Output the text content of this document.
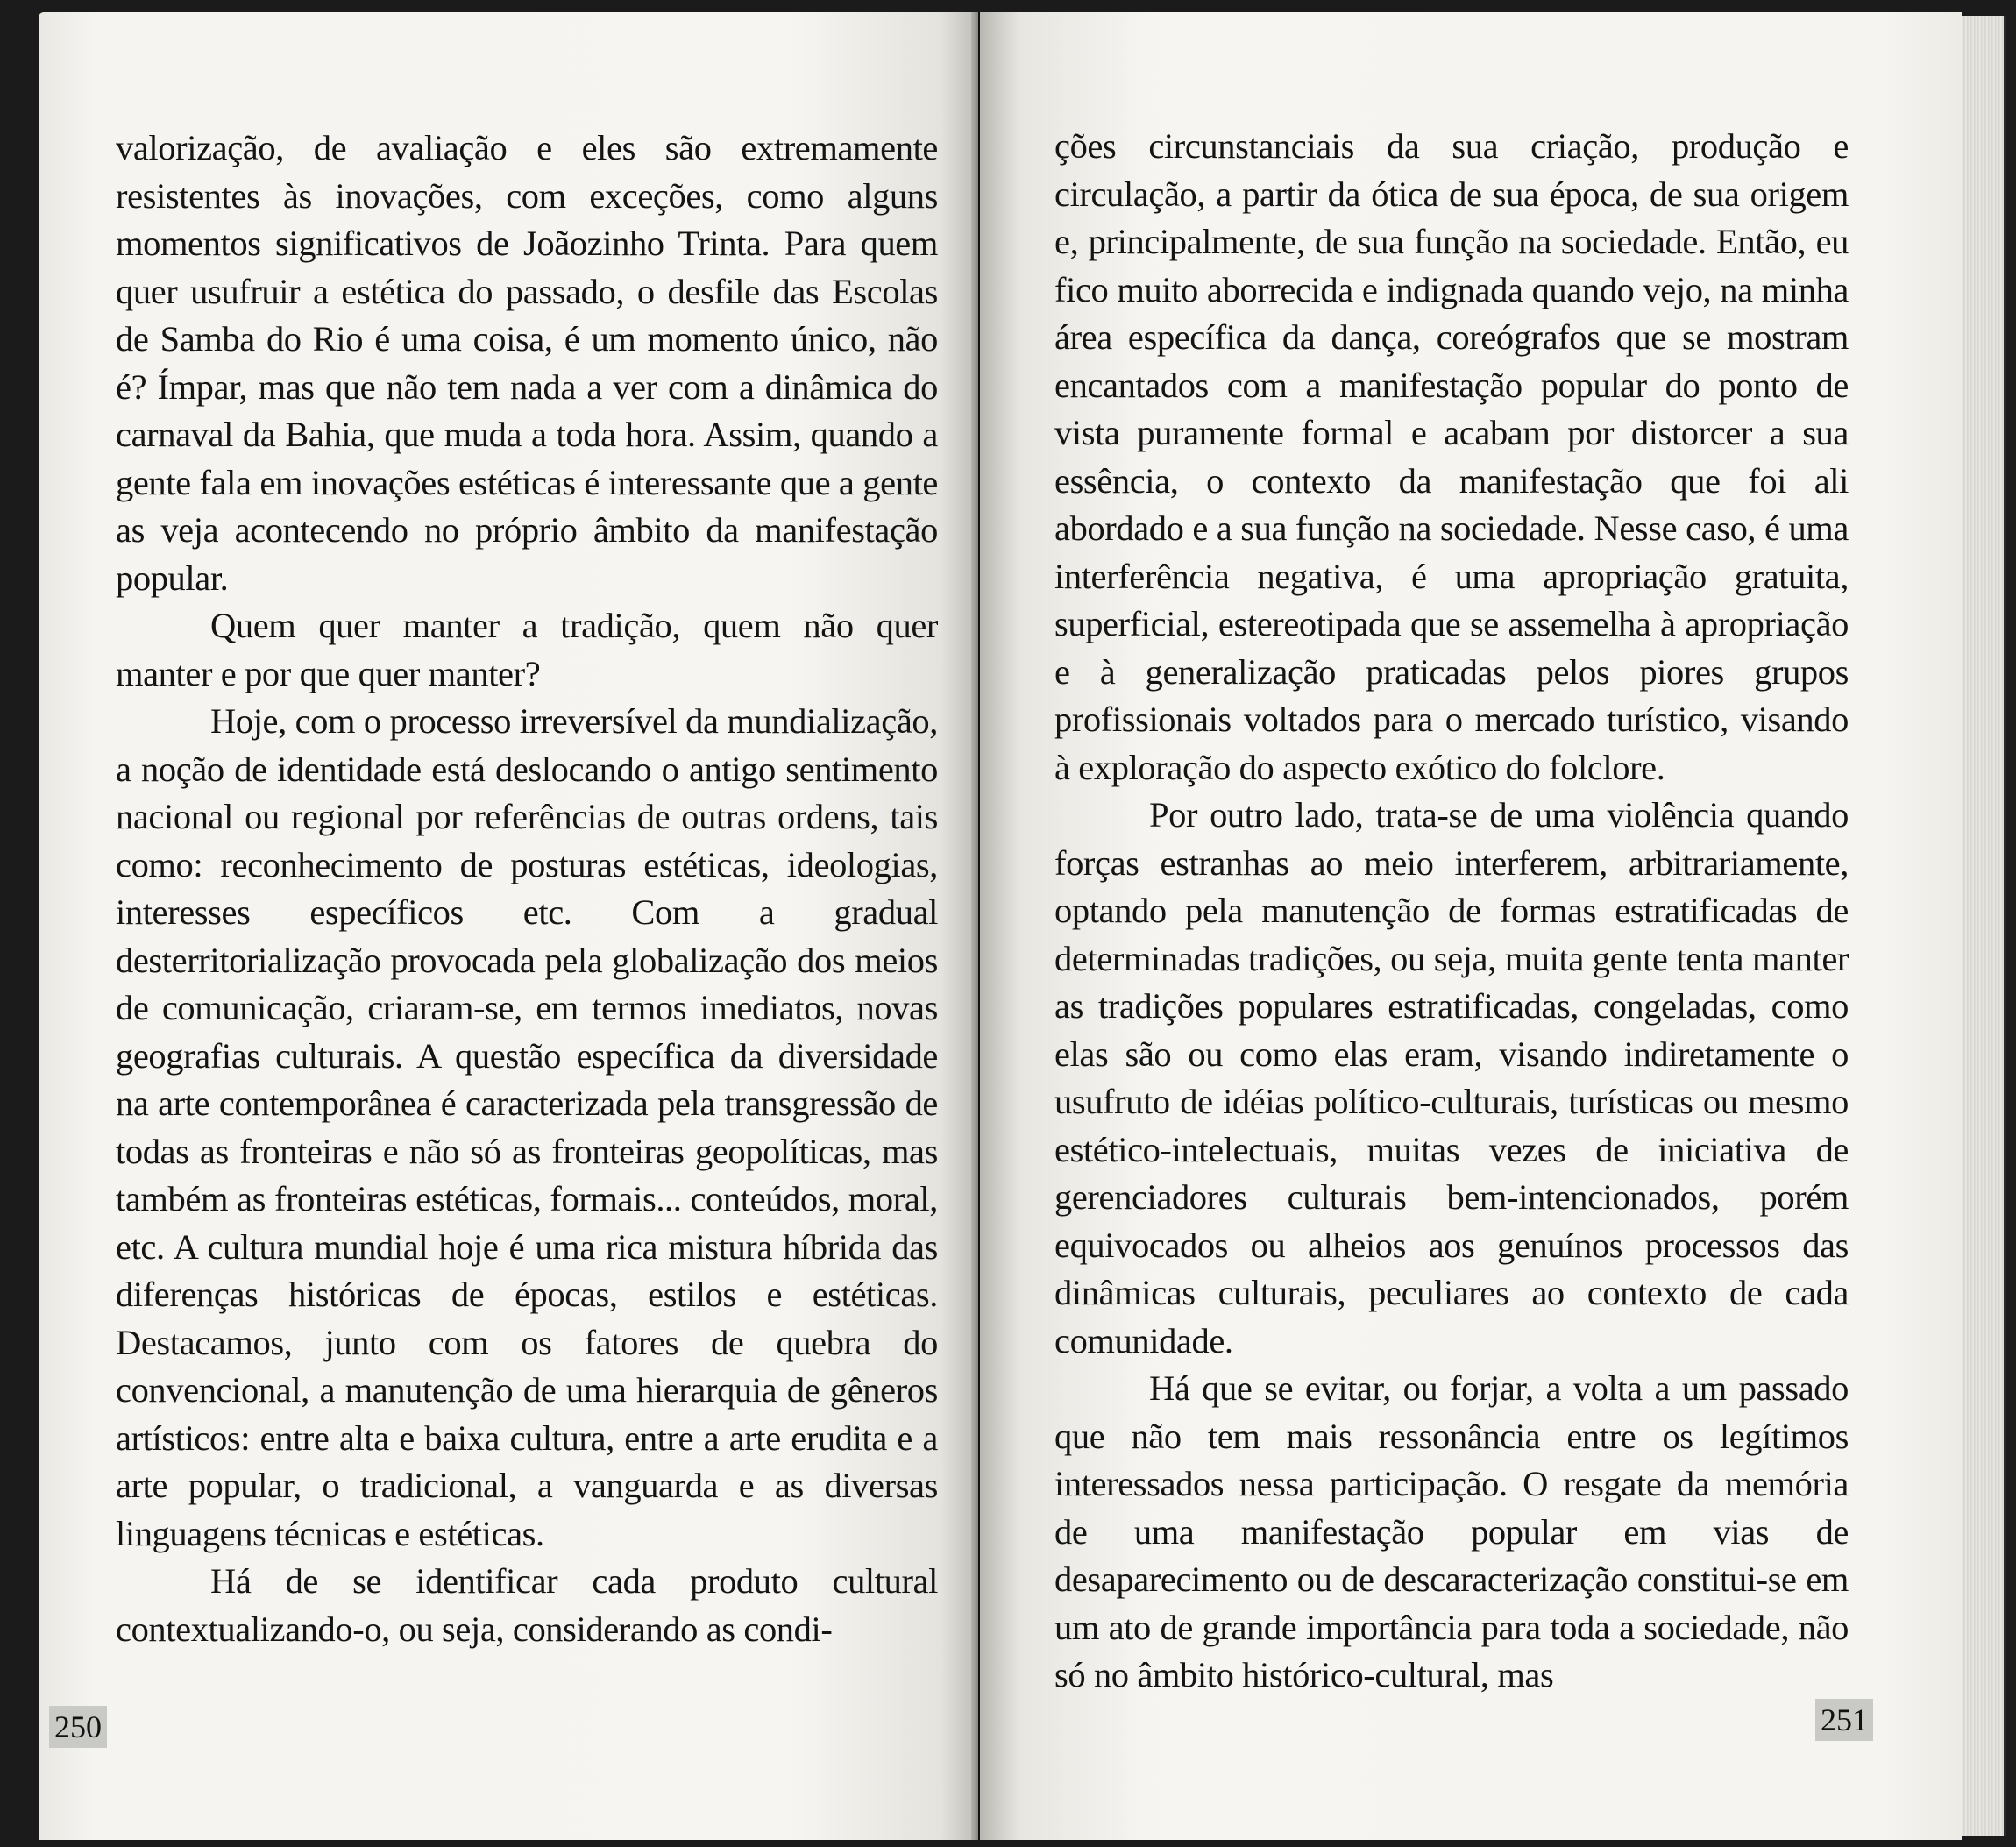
valorização, de avaliação e eles são extremamente resistentes às inovações, com exceções, como alguns momentos significativos de Joãozinho Trinta. Para quem quer usufruir a estética do passado, o desfile das Escolas de Samba do Rio é uma coisa, é um momento único, não é? Ímpar, mas que não tem nada a ver com a dinâmica do carnaval da Bahia, que muda a toda hora. Assim, quando a gente fala em inovações estéticas é interessante que a gente as veja acontecendo no próprio âmbito da manifestação popular.

Quem quer manter a tradição, quem não quer manter e por que quer manter?

Hoje, com o processo irreversível da mundialização, a noção de identidade está deslocando o antigo sentimento nacional ou regional por referências de outras ordens, tais como: reconhecimento de posturas estéticas, ideologias, interesses específicos etc. Com a gradual desterritorialização provocada pela globalização dos meios de comunicação, criaram-se, em termos imediatos, novas geografias culturais. A questão específica da diversidade na arte contemporânea é caracterizada pela transgressão de todas as fronteiras e não só as fronteiras geopolíticas, mas também as fronteiras estéticas, formais... conteúdos, moral, etc. A cultura mundial hoje é uma rica mistura híbrida das diferenças históricas de épocas, estilos e estéticas. Destacamos, junto com os fatores de quebra do convencional, a manutenção de uma hierarquia de gêneros artísticos: entre alta e baixa cultura, entre a arte erudita e a arte popular, o tradicional, a vanguarda e as diversas linguagens técnicas e estéticas.

Há de se identificar cada produto cultural contextualizando-o, ou seja, considerando as condi-

250

ções circunstanciais da sua criação, produção e circulação, a partir da ótica de sua época, de sua origem e, principalmente, de sua função na sociedade. Então, eu fico muito aborrecida e indignada quando vejo, na minha área específica da dança, coreógrafos que se mostram encantados com a manifestação popular do ponto de vista puramente formal e acabam por distorcer a sua essência, o contexto da manifestação que foi ali abordado e a sua função na sociedade. Nesse caso, é uma interferência negativa, é uma apropriação gratuita, superficial, estereotipada que se assemelha à apropriação e à generalização praticadas pelos piores grupos profissionais voltados para o mercado turístico, visando à exploração do aspecto exótico do folclore.

Por outro lado, trata-se de uma violência quando forças estranhas ao meio interferem, arbitrariamente, optando pela manutenção de formas estratificadas de determinadas tradições, ou seja, muita gente tenta manter as tradições populares estratificadas, congeladas, como elas são ou como elas eram, visando indiretamente o usufruto de idéias político-culturais, turísticas ou mesmo estético-intelectuais, muitas vezes de iniciativa de gerenciadores culturais bem-intencionados, porém equivocados ou alheios aos genuínos processos das dinâmicas culturais, peculiares ao contexto de cada comunidade.

Há que se evitar, ou forjar, a volta a um passado que não tem mais ressonância entre os legítimos interessados nessa participação. O resgate da memória de uma manifestação popular em vias de desaparecimento ou de descaracterização constitui-se em um ato de grande importância para toda a sociedade, não só no âmbito histórico-cultural, mas

251
